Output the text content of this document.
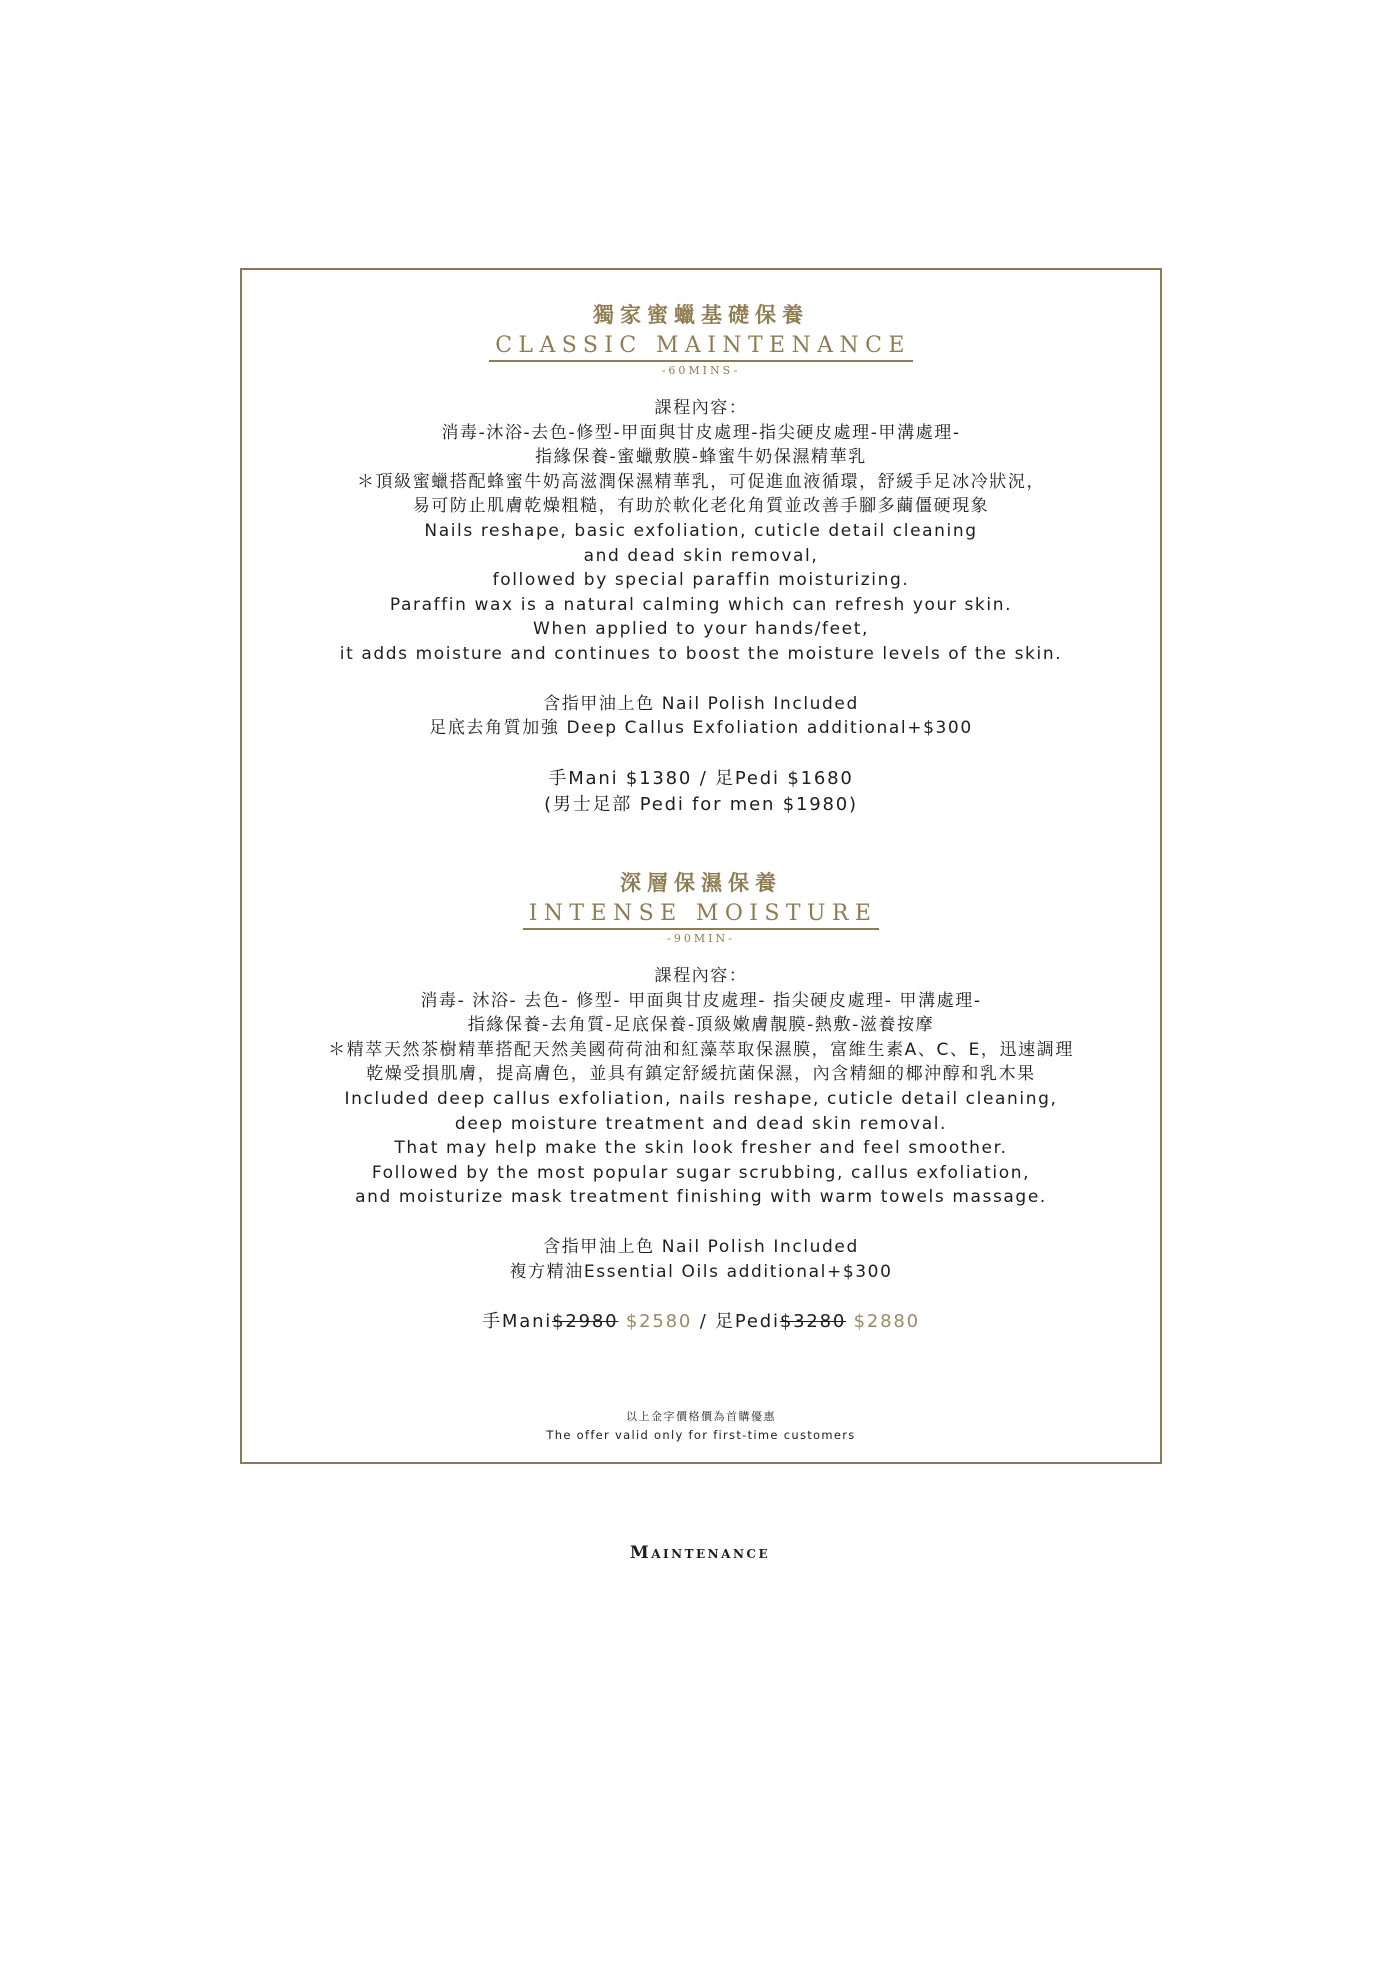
獨家蜜蠟基礎保養
CLASSIC MAINTENANCE
-60MINS-
課程內容：
消毒-沐浴-去色-修型-甲面與甘皮處理-指尖硬皮處理-甲溝處理-
指緣保養-蜜蠟敷膜-蜂蜜牛奶保濕精華乳
＊頂級蜜蠟搭配蜂蜜牛奶高滋潤保濕精華乳，可促進血液循環，舒緩手足冰冷狀況，
易可防止肌膚乾燥粗糙，有助於軟化老化角質並改善手腳多繭僵硬現象
Nails reshape, basic exfoliation, cuticle detail cleaning
and dead skin removal,
followed by special paraffin moisturizing.
Paraffin wax is a natural calming which can refresh your skin.
When applied to your hands/feet,
it adds moisture and continues to boost the moisture levels of the skin.
含指甲油上色 Nail Polish Included
足底去角質加強 Deep Callus Exfoliation additional+$300
手Mani $1380 / 足Pedi $1680
(男士足部 Pedi for men $1980)
深層保濕保養
INTENSE MOISTURE
-90MIN-
課程內容：
消毒- 沐浴- 去色- 修型- 甲面與甘皮處理- 指尖硬皮處理- 甲溝處理-
指緣保養-去角質-足底保養-頂級嫩膚靚膜-熱敷-滋養按摩
＊精萃天然茶樹精華搭配天然美國荷荷油和紅藻萃取保濕膜，富維生素A、C、E，迅速調理
乾燥受損肌膚，提高膚色，並具有鎮定舒緩抗菌保濕，內含精細的椰沖醇和乳木果
Included deep callus exfoliation, nails reshape, cuticle detail cleaning,
deep moisture treatment and dead skin removal.
That may help make the skin look fresher and feel smoother.
Followed by the most popular sugar scrubbing, callus exfoliation,
and moisturize mask treatment finishing with warm towels massage.
含指甲油上色 Nail Polish Included
複方精油Essential Oils additional+$300
手Mani$2980 $2580 / 足Pedi$3280 $2880
以上金字價格價為首購優惠
The offer valid only for first-time customers
Maintenance
